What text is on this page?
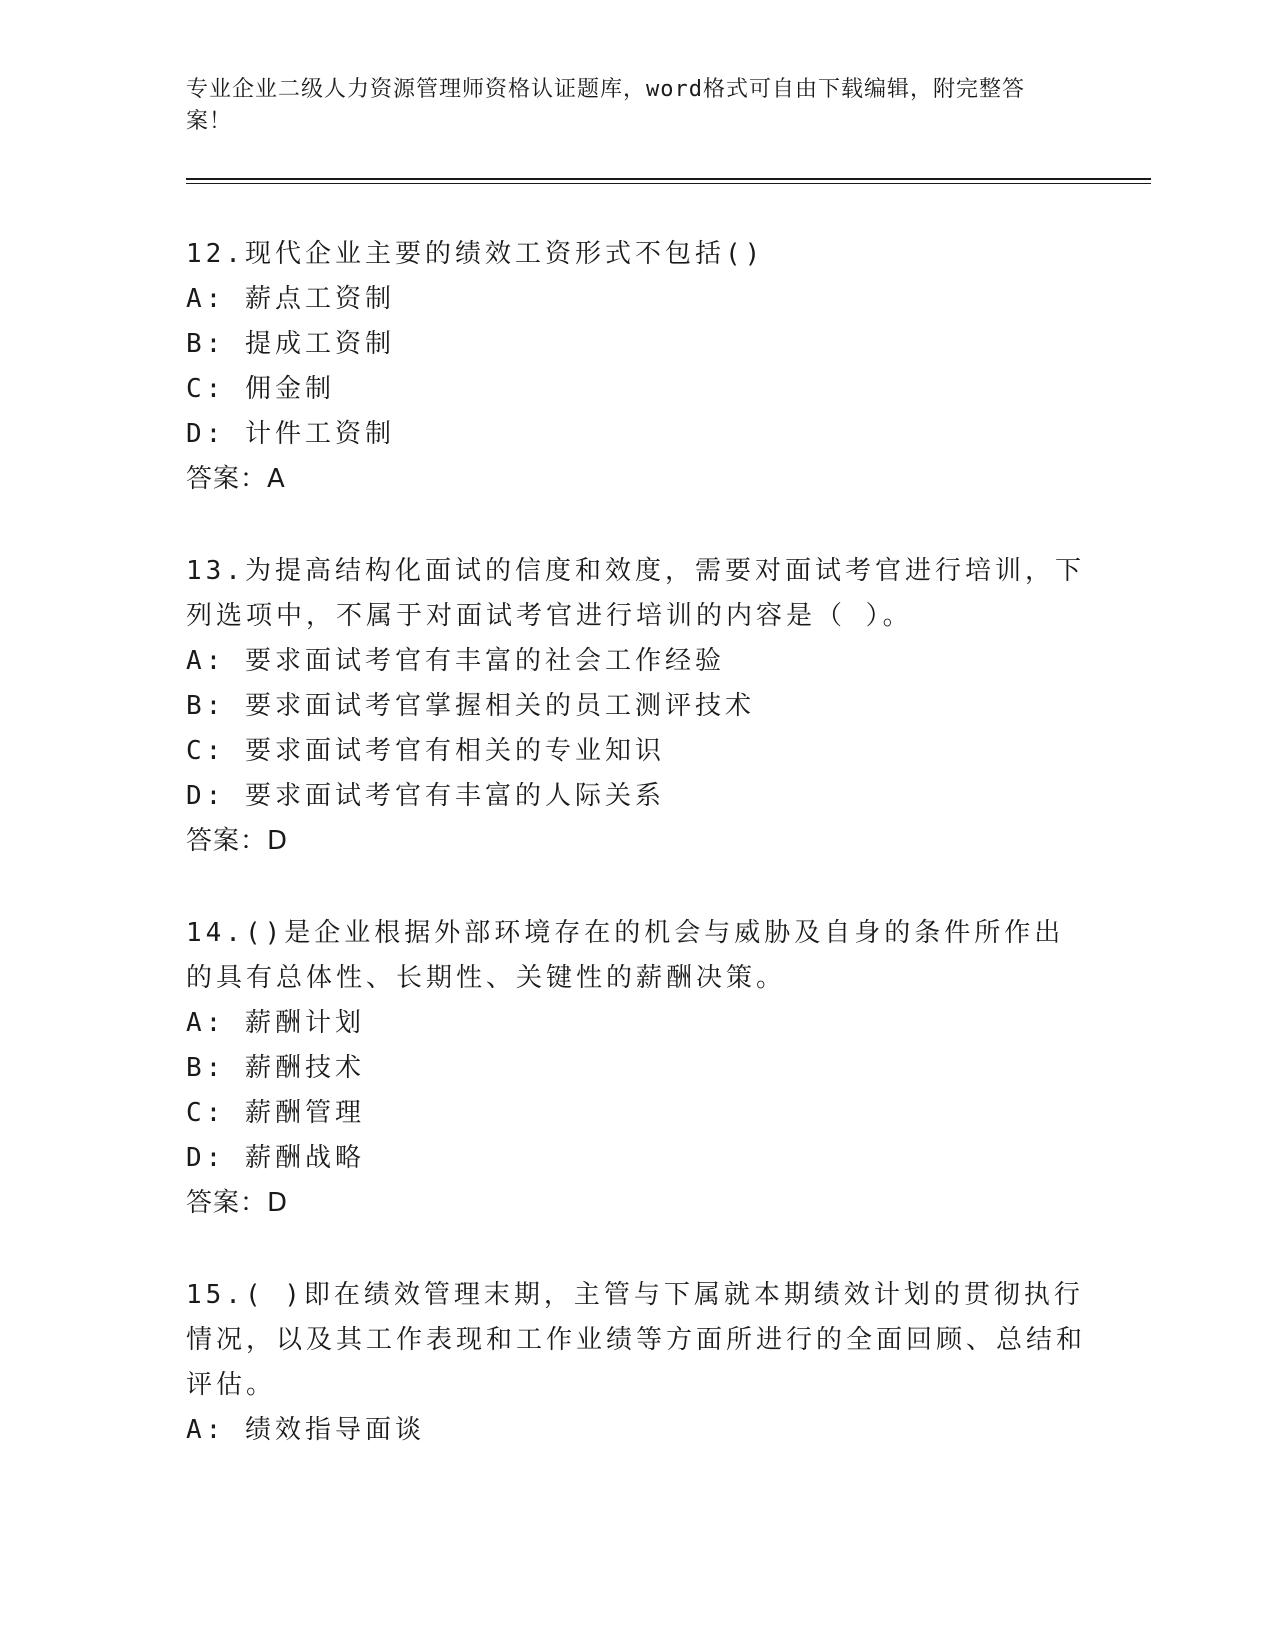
专业企业二级人力资源管理师资格认证题库，word格式可自由下载编辑，附完整答案！
12.现代企业主要的绩效工资形式不包括()
A: 薪点工资制
B: 提成工资制
C: 佣金制
D: 计件工资制
答案：A
13.为提高结构化面试的信度和效度，需要对面试考官进行培训，下列选项中，不属于对面试考官进行培训的内容是（ ）。
A: 要求面试考官有丰富的社会工作经验
B: 要求面试考官掌握相关的员工测评技术
C: 要求面试考官有相关的专业知识
D: 要求面试考官有丰富的人际关系
答案：D
14.()是企业根据外部环境存在的机会与威胁及自身的条件所作出的具有总体性、长期性、关键性的薪酬决策。
A: 薪酬计划
B: 薪酬技术
C: 薪酬管理
D: 薪酬战略
答案：D
15.( )即在绩效管理末期，主管与下属就本期绩效计划的贯彻执行情况，以及其工作表现和工作业绩等方面所进行的全面回顾、总结和评估。
A: 绩效指导面谈
